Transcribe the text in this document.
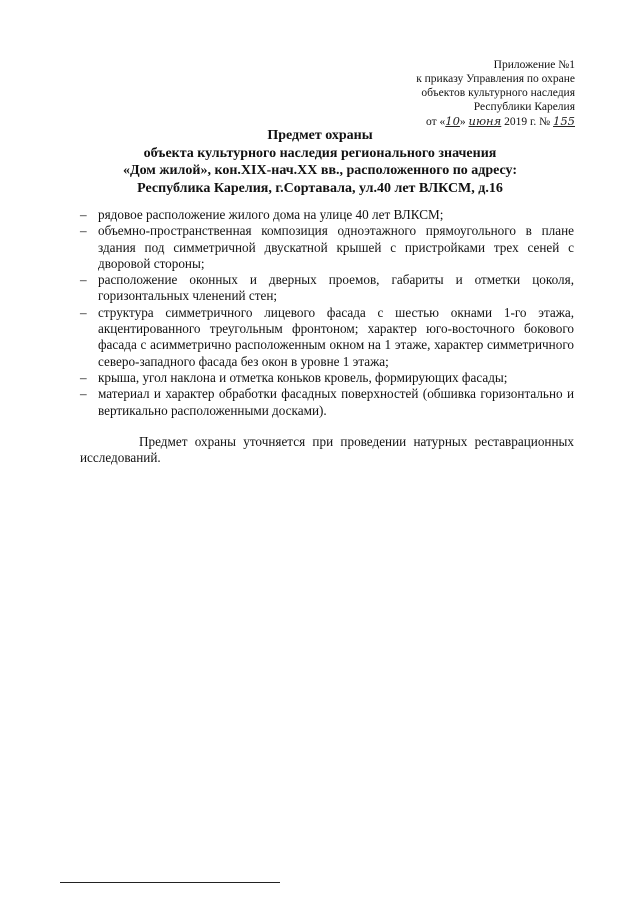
Приложение №1
к приказу Управления по охране
объектов культурного наследия
Республики Карелия
от «10» июня 2019 г. № 155
Предмет охраны
объекта культурного наследия регионального значения
«Дом жилой», кон.XIX-нач.XX вв., расположенного по адресу:
Республика Карелия, г.Сортавала, ул.40 лет ВЛКСМ, д.16
– рядовое расположение жилого дома на улице 40 лет ВЛКСМ;
– объемно-пространственная композиция одноэтажного прямоугольного в плане здания под симметричной двускатной крышей с пристройками трех сеней с дворовой стороны;
– расположение оконных и дверных проемов, габариты и отметки цоколя, горизонтальных членений стен;
– структура симметричного лицевого фасада с шестью окнами 1-го этажа, акцентированного треугольным фронтоном; характер юго-восточного бокового фасада с асимметрично расположенным окном на 1 этаже, характер симметричного северо-западного фасада без окон в уровне 1 этажа;
– крыша, угол наклона и отметка коньков кровель, формирующих фасады;
– материал и характер обработки фасадных поверхностей (обшивка горизонтально и вертикально расположенными досками).

Предмет охраны уточняется при проведении натурных реставрационных исследований.
